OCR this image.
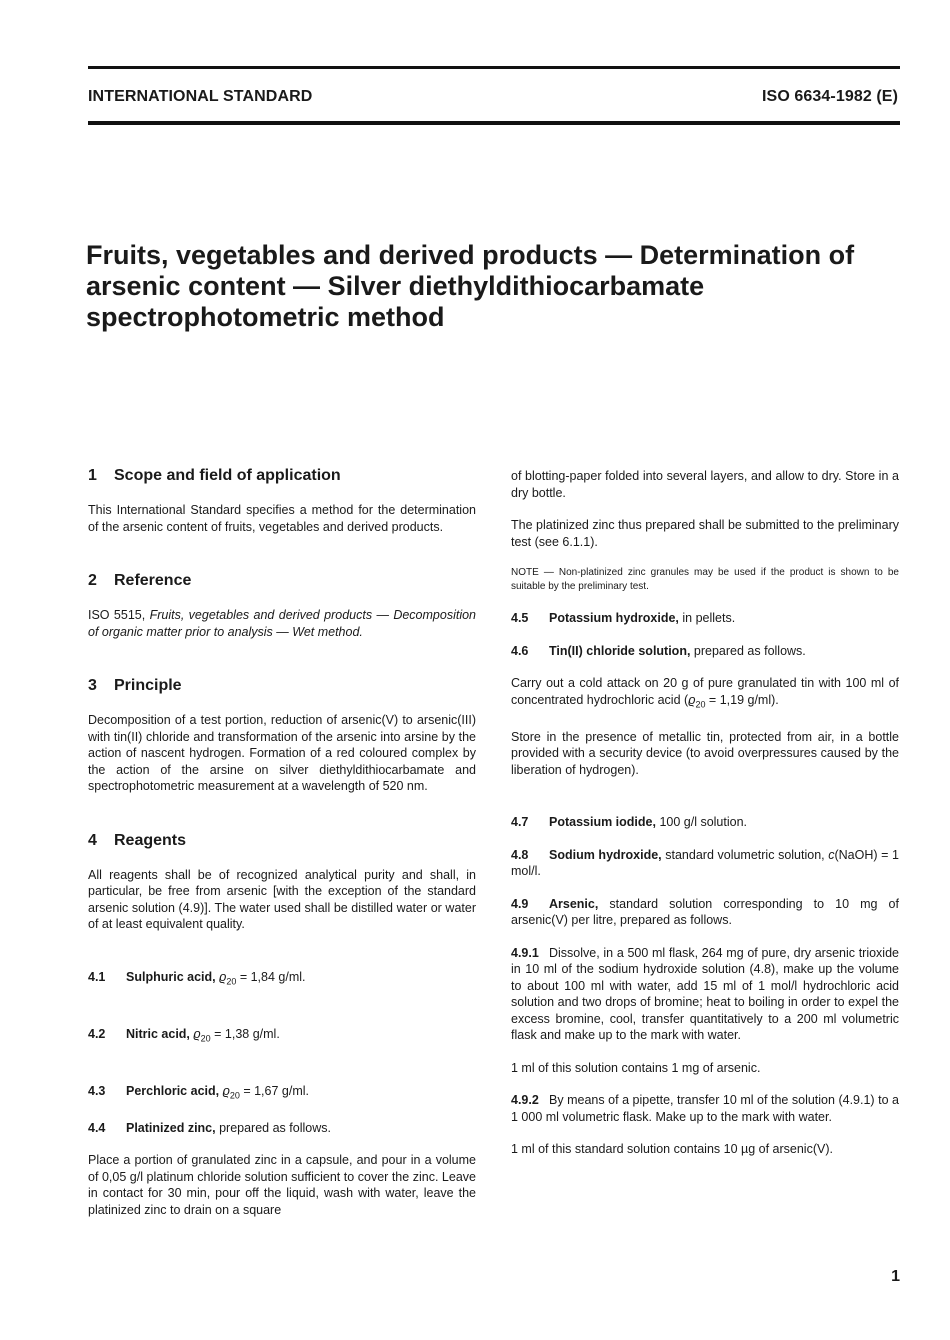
INTERNATIONAL STANDARD	ISO 6634-1982 (E)
Fruits, vegetables and derived products — Determination of arsenic content — Silver diethyldithiocarbamate spectrophotometric method
1 Scope and field of application

This International Standard specifies a method for the determination of the arsenic content of fruits, vegetables and derived products.

2 Reference

ISO 5515, Fruits, vegetables and derived products — Decomposition of organic matter prior to analysis — Wet method.

3 Principle

Decomposition of a test portion, reduction of arsenic(V) to arsenic(III) with tin(II) chloride and transformation of the arsenic into arsine by the action of nascent hydrogen. Formation of a red coloured complex by the action of the arsine on silver diethyldithiocarbamate and spectrophotometric measurement at a wavelength of 520 nm.

4 Reagents

All reagents shall be of recognized analytical purity and shall, in particular, be free from arsenic [with the exception of the standard arsenic solution (4.9)]. The water used shall be distilled water or water of at least equivalent quality.

4.1 Sulphuric acid, $ϱ_{20} = 1,84$ g/ml.

4.2 Nitric acid, $ϱ_{20} = 1,38$ g/ml.

4.3 Perchloric acid, $ϱ_{20} = 1,67$ g/ml.

4.4 Platinized zinc, prepared as follows.

Place a portion of granulated zinc in a capsule, and pour in a volume of 0,05 g/l platinum chloride solution sufficient to cover the zinc. Leave in contact for 30 min, pour off the liquid, wash with water, leave the platinized zinc to drain on a square

of blotting-paper folded into several layers, and allow to dry. Store in a dry bottle.

The platinized zinc thus prepared shall be submitted to the preliminary test (see 6.1.1).

NOTE — Non-platinized zinc granules may be used if the product is shown to be suitable by the preliminary test.

4.5 Potassium hydroxide, in pellets.

4.6 Tin(II) chloride solution, prepared as follows.

Carry out a cold attack on 20 g of pure granulated tin with 100 ml of concentrated hydrochloric acid ($ϱ_{20} = 1,19$ g/ml).

Store in the presence of metallic tin, protected from air, in a bottle provided with a security device (to avoid overpressures caused by the liberation of hydrogen).

4.7 Potassium iodide, 100 g/l solution.

4.8 Sodium hydroxide, standard volumetric solution, c(NaOH) = 1 mol/l.

4.9 Arsenic, standard solution corresponding to 10 mg of arsenic(V) per litre, prepared as follows.

4.9.1 Dissolve, in a 500 ml flask, 264 mg of pure, dry arsenic trioxide in 10 ml of the sodium hydroxide solution (4.8), make up the volume to about 100 ml with water, add 15 ml of 1 mol/l hydrochloric acid solution and two drops of bromine; heat to boiling in order to expel the excess bromine, cool, transfer quantitatively to a 200 ml volumetric flask and make up to the mark with water.

1 ml of this solution contains 1 mg of arsenic.

4.9.2 By means of a pipette, transfer 10 ml of the solution (4.9.1) to a 1 000 ml volumetric flask. Make up to the mark with water.

1 ml of this standard solution contains 10 µg of arsenic(V).

1
